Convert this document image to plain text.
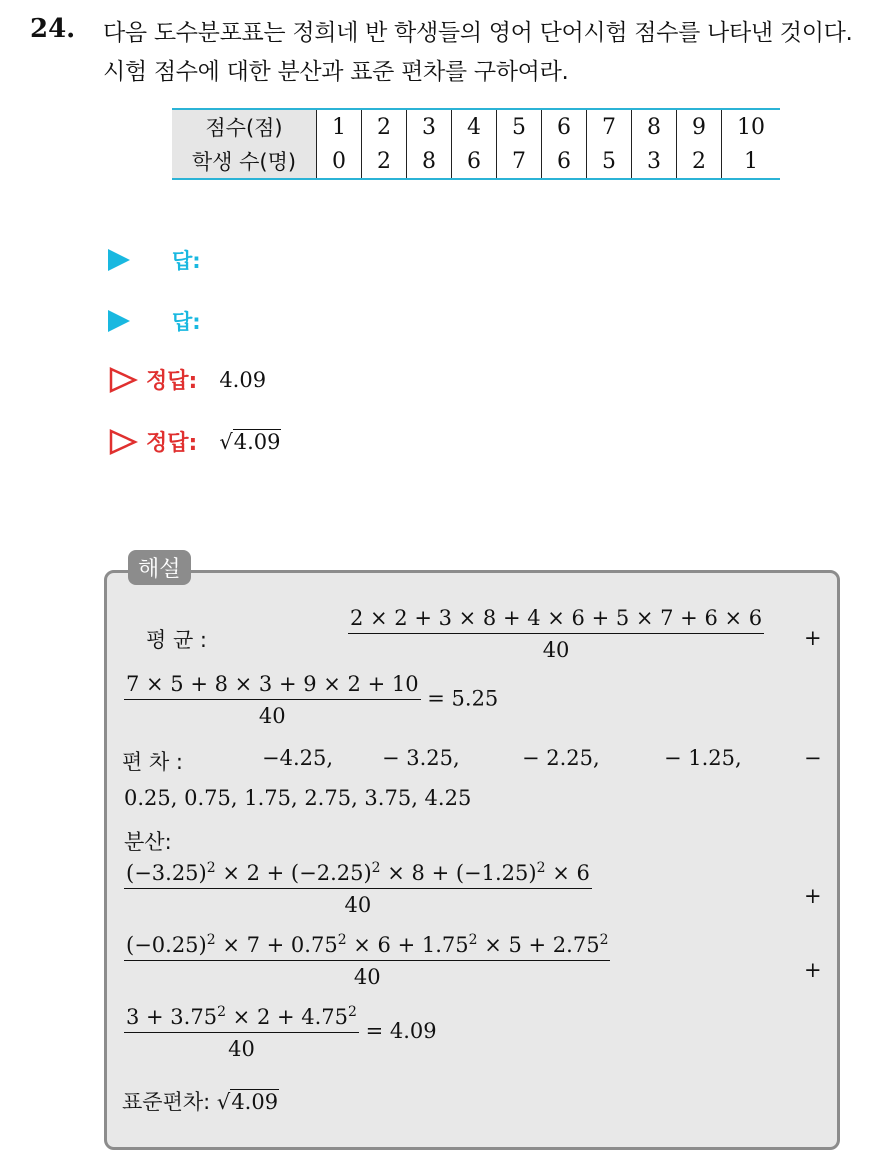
24. 다음 도수분포표는 정희네 반 학생들의 영어 단어시험 점수를 나타낸 것이다. 시험 점수에 대한 분산과 표준 편차를 구하여라.
점수(점)	1	2	3	4	5	6	7	8	9	10
학생 수(명)	0	2	8	6	7	6	5	3	2	1
답:
답:
정답: 4.09
정답: √4.09
해설
평 균 :	$\frac{2 \times 2 + 3 \times 8 + 4 \times 6 + 5 \times 7 + 6 \times 6}{40}$ +
$\frac{7 \times 5 + 8 \times 3 + 9 \times 2 + 10}{40} = 5.25$
편 차 :	−4.25, − 3.25,	− 2.25,	− 1.25,	−
0.25, 0.75, 1.75, 2.75, 3.75, 4.25
분산:
$\frac{(-3.25)^2 \times 2 + (-2.25)^2 \times 8 + (-1.25)^2 \times 6}{40}$	+
$\frac{(-0.25)^2 \times 7 + 0.75^2 \times 6 + 1.75^2 \times 5 + 2.75^2}{40}$	+
$\frac{3 + 3.75^2 \times 2 + 4.75^2}{40} = 4.09$
표준편차: √4.09
